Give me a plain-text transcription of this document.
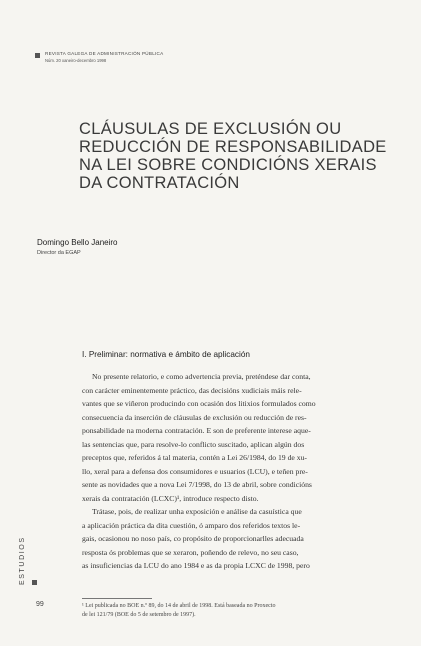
REVISTA GALEGA DE ADMINISTRACIÓN PÚBLICA
Núm. 20 xaneiro-decembro 1998
CLÁUSULAS DE EXCLUSIÓN OU
REDUCCIÓN DE RESPONSABILIDADE
NA LEI SOBRE CONDICIÓNS XERAIS
DA CONTRATACIÓN
Domingo Bello Janeiro
Director da EGAP
I. Preliminar: normativa e ámbito de aplicación
No presente relatorio, e como advertencia previa, preténdese dar conta,
con carácter eminentemente práctico, das decisións xudiciais máis rele-
vantes que se viñeron producindo con ocasión dos litixios formulados como
consecuencia da inserción de cláusulas de exclusión ou reducción de res-
ponsabilidade na moderna contratación. E son de preferente interese aque-
las sentencias que, para resolve-lo conflicto suscitado, aplican algún dos
preceptos que, referidos á tal materia, contén a Lei 26/1984, do 19 de xu-
llo, xeral para a defensa dos consumidores e usuarios (LCU), e teñen pre-
sente as novidades que a nova Lei 7/1998, do 13 de abril, sobre condicións
xerais da contratación (LCXC)¹, introduce respecto disto.
Trátase, pois, de realizar unha exposición e análise da casuística que
a aplicación práctica da dita cuestión, ó amparo dos referidos textos le-
gais, ocasionou no noso país, co propósito de proporcionarlles adecuada
resposta ós problemas que se xeraron, poñendo de relevo, no seu caso,
as insuficiencias da LCU do ano 1984 e as da propia LCXC de 1998, pero
¹ Lei publicada no BOE n.º 89, do 14 de abril de 1998. Está baseada no Proxecto
de lei 121/79 (BOE do 5 de setembro de 1997).
ESTUDIOS
99
